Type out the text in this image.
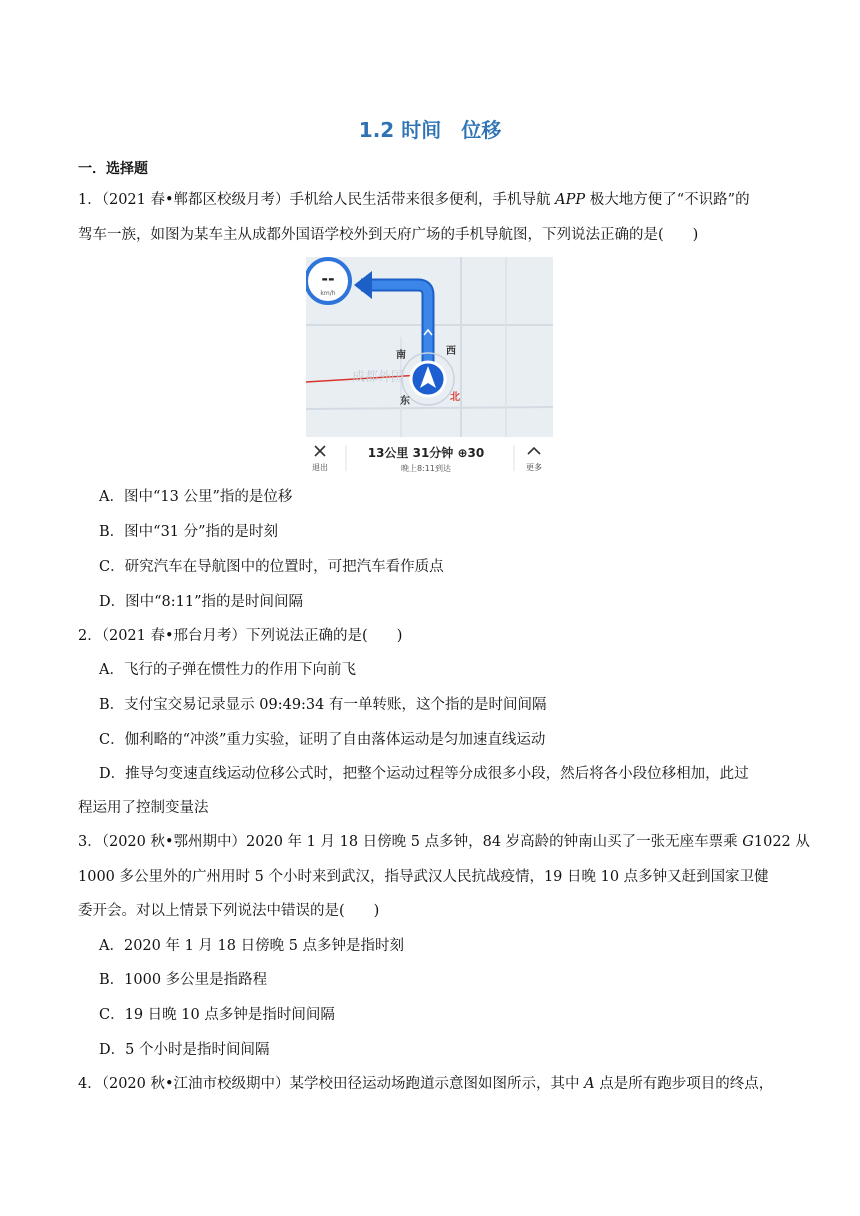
1.2 时间　位移
一．选择题
1．（2021 春•郸都区校级月考）手机给人民生活带来很多便利，手机导航 APP 极大地方便了“不识路”的
驾车一族，如图为某车主从成都外国语学校外到天府广场的手机导航图，下列说法正确的是(　　)
--
km/h
成都外国
南	西
东	北
退出
13公里 31分钟 ⊕30
晚上8:11到达	更多
A．图中“13 公里”指的是位移
B．图中“31 分”指的是时刻
C．研究汽车在导航图中的位置时，可把汽车看作质点
D．图中“8:11”指的是时间间隔
2．（2021 春•邢台月考）下列说法正确的是(　　)
A．飞行的子弹在惯性力的作用下向前飞
B．支付宝交易记录显示 09:49:34 有一单转账，这个指的是时间间隔
C．伽利略的“冲淡”重力实验，证明了自由落体运动是匀加速直线运动
D．推导匀变速直线运动位移公式时，把整个运动过程等分成很多小段，然后将各小段位移相加，此过
程运用了控制变量法
3．（2020 秋•鄂州期中）2020 年 1 月 18 日傍晚 5 点多钟，84 岁高龄的钟南山买了一张无座车票乘 G1022 从
1000 多公里外的广州用时 5 个小时来到武汉，指导武汉人民抗战疫情，19 日晚 10 点多钟又赶到国家卫健
委开会。对以上情景下列说法中错误的是(　　)
A．2020 年 1 月 18 日傍晚 5 点多钟是指时刻
B．1000 多公里是指路程
C．19 日晚 10 点多钟是指时间间隔
D．5 个小时是指时间间隔
4．（2020 秋•江油市校级期中）某学校田径运动场跑道示意图如图所示，其中 A 点是所有跑步项目的终点，
